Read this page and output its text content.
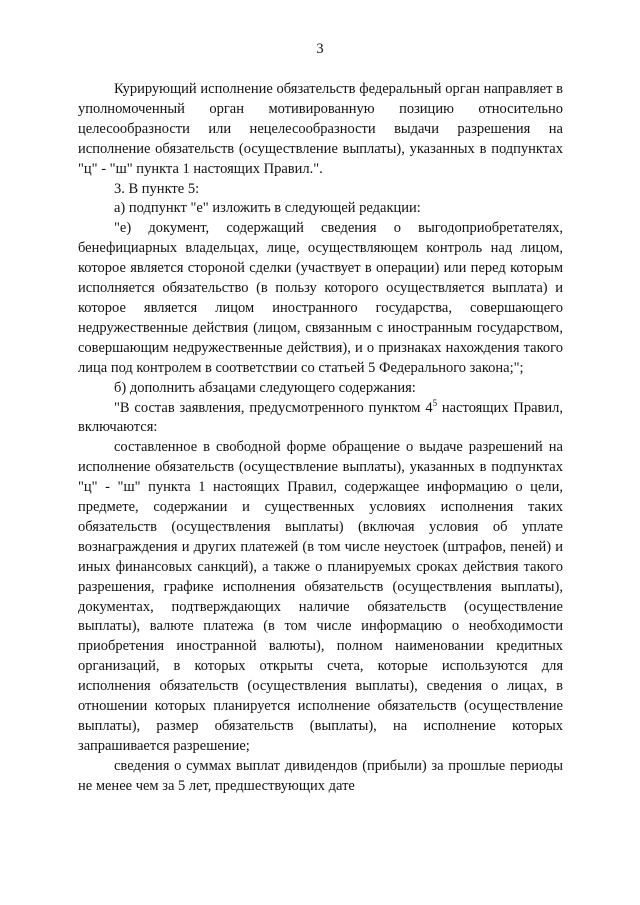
3

Курирующий исполнение обязательств федеральный орган направляет в уполномоченный орган мотивированную позицию относительно целесообразности или нецелесообразности выдачи разрешения на исполнение обязательств (осуществление выплаты), указанных в подпунктах "ц" - "ш" пункта 1 настоящих Правил.".

3. В пункте 5:

а) подпункт "е" изложить в следующей редакции:

"е) документ, содержащий сведения о выгодоприобретателях, бенефициарных владельцах, лице, осуществляющем контроль над лицом, которое является стороной сделки (участвует в операции) или перед которым исполняется обязательство (в пользу которого осуществляется выплата) и которое является лицом иностранного государства, совершающего недружественные действия (лицом, связанным с иностранным государством, совершающим недружественные действия), и о признаках нахождения такого лица под контролем в соответствии со статьей 5 Федерального закона;";

б) дополнить абзацами следующего содержания:

"В состав заявления, предусмотренного пунктом $4^5$ настоящих Правил, включаются:

составленное в свободной форме обращение о выдаче разрешений на исполнение обязательств (осуществление выплаты), указанных в подпунктах "ц" - "ш" пункта 1 настоящих Правил, содержащее информацию о цели, предмете, содержании и существенных условиях исполнения таких обязательств (осуществления выплаты) (включая условия об уплате вознаграждения и других платежей (в том числе неустоек (штрафов, пеней) и иных финансовых санкций), а также о планируемых сроках действия такого разрешения, графике исполнения обязательств (осуществления выплаты), документах, подтверждающих наличие обязательств (осуществление выплаты), валюте платежа (в том числе информацию о необходимости приобретения иностранной валюты), полном наименовании кредитных организаций, в которых открыты счета, которые используются для исполнения обязательств (осуществления выплаты), сведения о лицах, в отношении которых планируется исполнение обязательств (осуществление выплаты), размер обязательств (выплаты), на исполнение которых запрашивается разрешение;

сведения о суммах выплат дивидендов (прибыли) за прошлые периоды не менее чем за 5 лет, предшествующих дате
